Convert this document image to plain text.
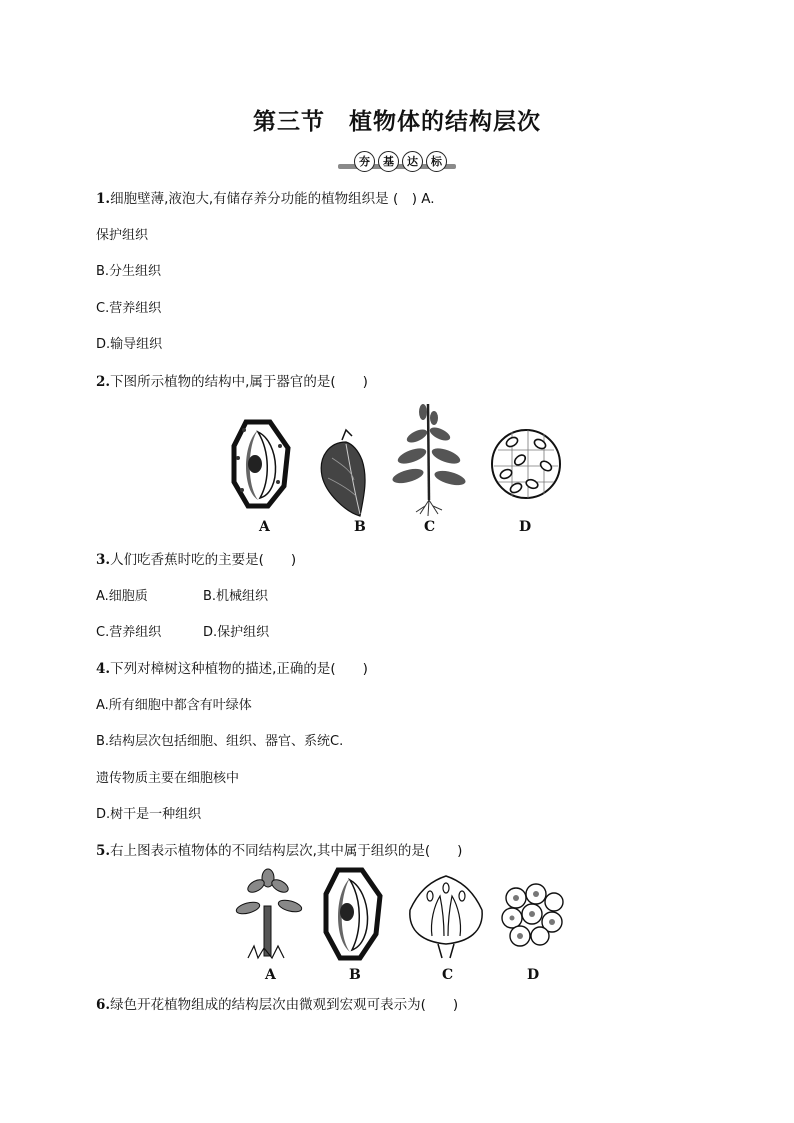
第三节　植物体的结构层次
夯	基	达	标
1.细胞壁薄,液泡大,有储存养分功能的植物组织是 (　) A.
保护组织
B.分生组织
C.营养组织
D.输导组织
2.下图所示植物的结构中,属于器官的是(　　)
A	B	C	D
3.人们吃香蕉时吃的主要是(　　)
A.细胞质	B.机械组织
C.营养组织	D.保护组织
4.下列对樟树这种植物的描述,正确的是(　　)
A.所有细胞中都含有叶绿体
B.结构层次包括细胞、组织、器官、系统C.
遗传物质主要在细胞核中
D.树干是一种组织
5.右上图表示植物体的不同结构层次,其中属于组织的是(　　)
A	B	C	D
6.绿色开花植物组成的结构层次由微观到宏观可表示为(　　)
